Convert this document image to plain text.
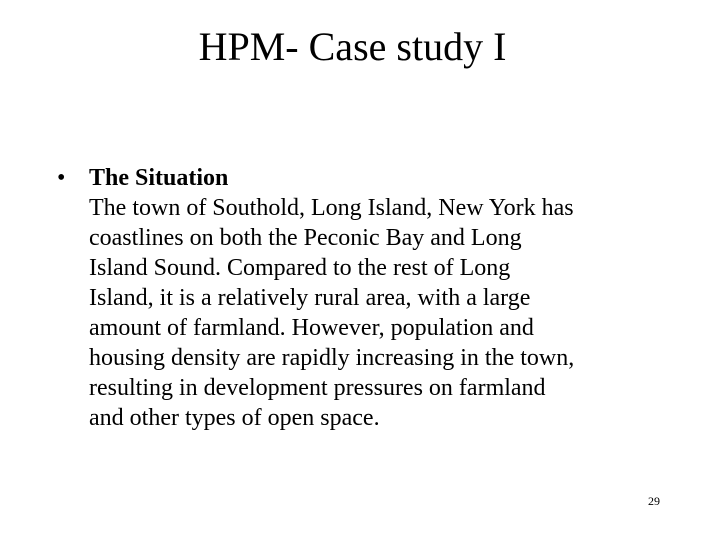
HPM- Case study I
• The Situation
The town of Southold, Long Island, New York has
coastlines on both the Peconic Bay and Long
Island Sound. Compared to the rest of Long
Island, it is a relatively rural area, with a large
amount of farmland. However, population and
housing density are rapidly increasing in the town,
resulting in development pressures on farmland
and other types of open space.
29
